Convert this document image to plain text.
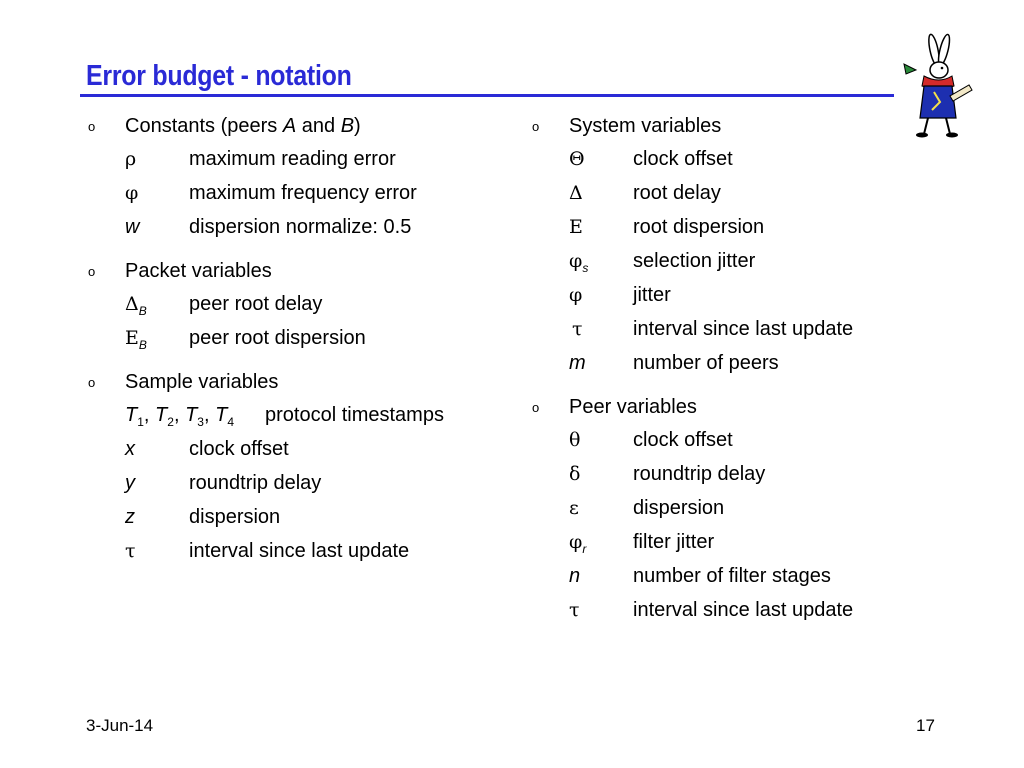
Error budget - notation
o Constants (peers A and B)
ρ	maximum reading error
φ	maximum frequency error
w dispersion normalize: 0.5
o Packet variables
$\Delta_B$ peer root delay
$E_B$ peer root dispersion
o Sample variables
$T_1$, $T_2$, $T_3$, $T_4$ protocol timestamps
x	clock offset
y	roundtrip delay
z	dispersion
τ	interval since last update
o System variables
Θ clock offset
Δ	root delay
Ε	root dispersion
$\varphi_s$ selection jitter
φ	jitter
τ	interval since last update
m number of peers
o Peer variables
θ	clock offset
δ	roundtrip delay
ε	dispersion
$\varphi_r$ filter jitter
n	number of filter stages
τ	interval since last update
3-Jun-14	17
